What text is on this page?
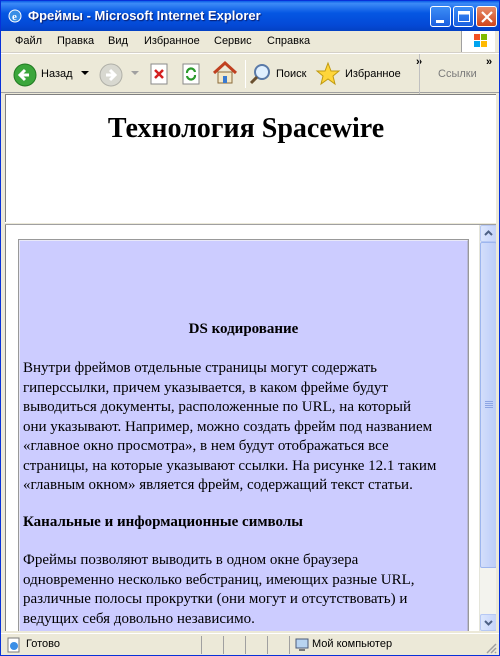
e Фреймы - Microsoft Internet Explorer
Файл Правка Вид Избранное Сервис Справка
Назад	Поиск	Избранное
»
Ссылки
»
Технология Spacewire
DS кодирование
Внутри фреймов отдельные страницы могут содержать
гиперссылки, причем указывается, в каком фрейме будут
выводиться документы, расположенные по URL, на который
они указывают. Например, можно создать фрейм под названием
«главное окно просмотра», в нем будут отображаться все
страницы, на которые указывают ссылки. На рисунке 12.1 таким
«главным окном» является фрейм, содержащий текст статьи.
Канальные и информационные символы
Фреймы позволяют выводить в одном окне браузера
одновременно несколько вебстраниц, имеющих разные URL,
различные полосы прокрутки (они могут и отсутствовать) и
ведущих себя довольно независимо.
Готово	Мой компьютер
